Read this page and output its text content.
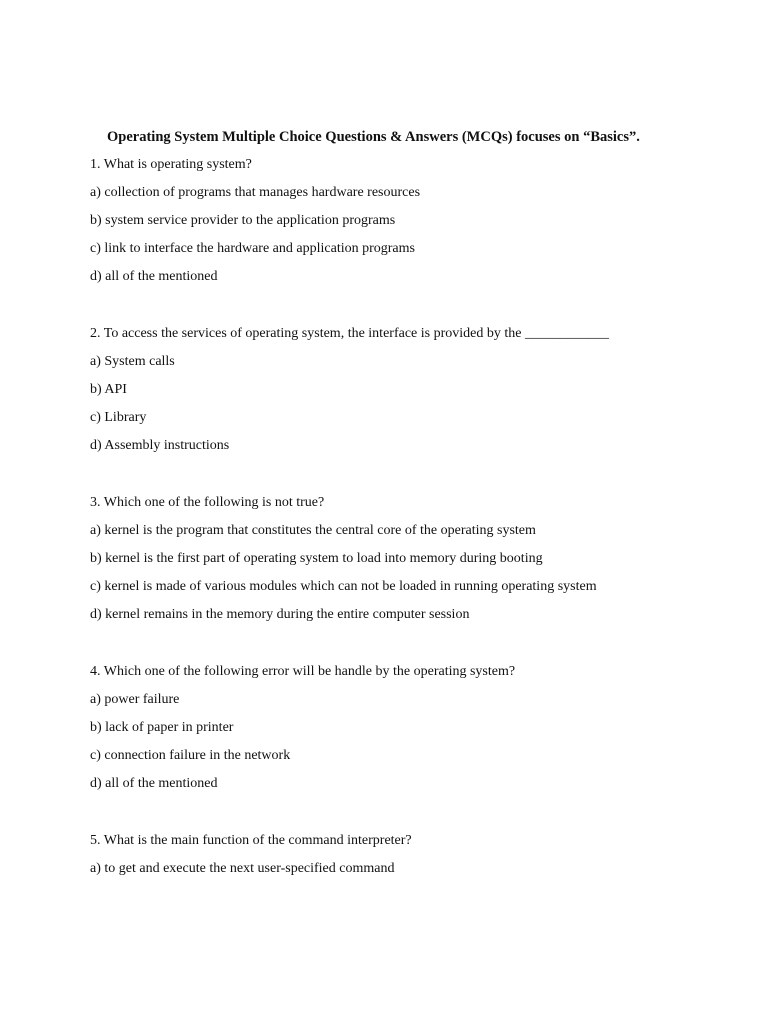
Operating System Multiple Choice Questions & Answers (MCQs) focuses on “Basics”.
1. What is operating system?
a) collection of programs that manages hardware resources
b) system service provider to the application programs
c) link to interface the hardware and application programs
d) all of the mentioned
2. To access the services of operating system, the interface is provided by the ____________
a) System calls
b) API
c) Library
d) Assembly instructions
3. Which one of the following is not true?
a) kernel is the program that constitutes the central core of the operating system
b) kernel is the first part of operating system to load into memory during booting
c) kernel is made of various modules which can not be loaded in running operating system
d) kernel remains in the memory during the entire computer session
4. Which one of the following error will be handle by the operating system?
a) power failure
b) lack of paper in printer
c) connection failure in the network
d) all of the mentioned
5. What is the main function of the command interpreter?
a) to get and execute the next user-specified command
